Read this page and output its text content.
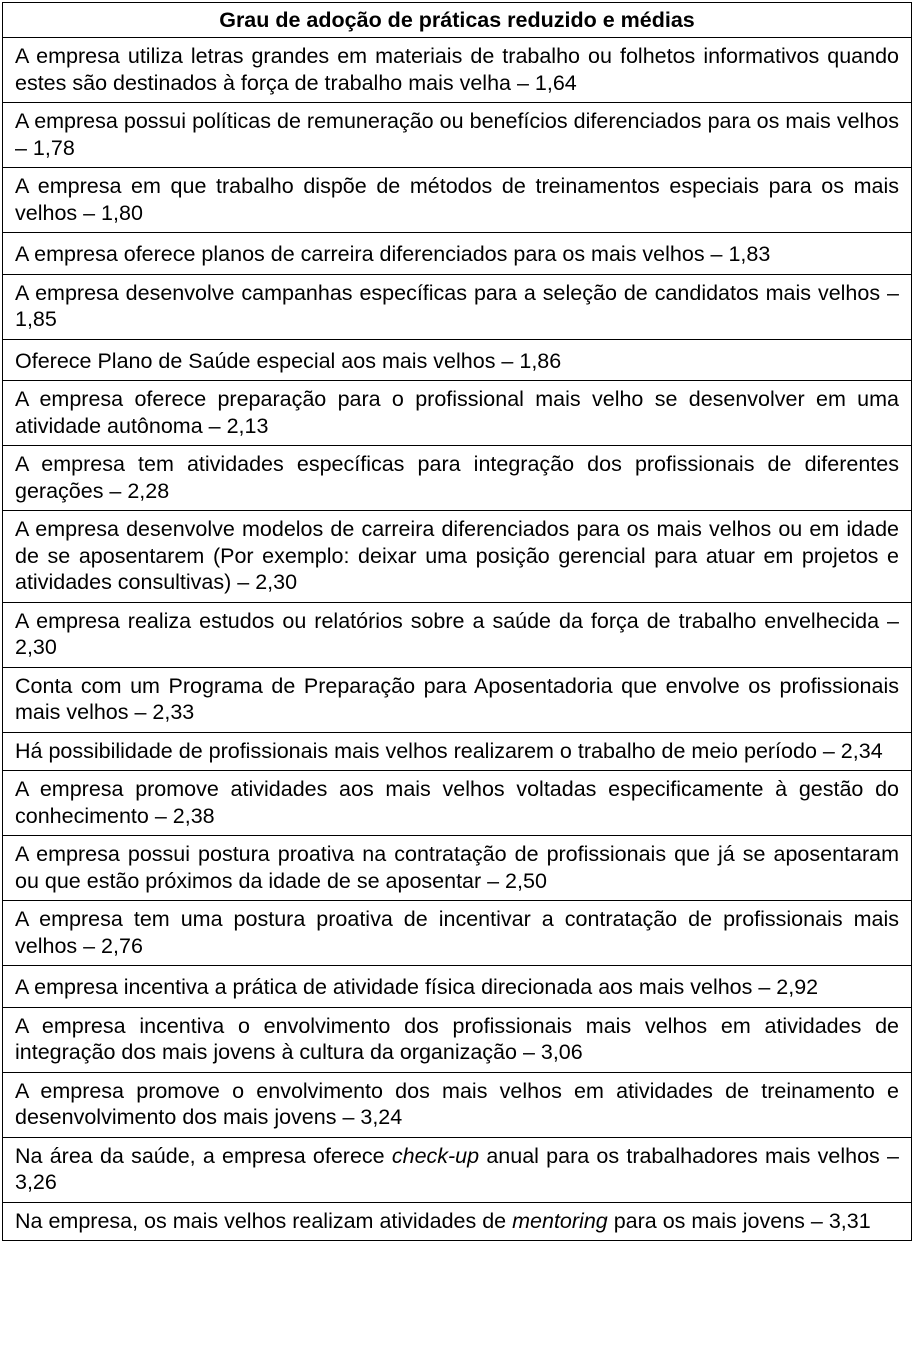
Grau de adoção de práticas reduzido e médias
A empresa utiliza letras grandes em materiais de trabalho ou folhetos informativos quando estes são destinados à força de trabalho mais velha – 1,64
A empresa possui políticas de remuneração ou benefícios diferenciados para os mais velhos – 1,78
A empresa em que trabalho dispõe de métodos de treinamentos especiais para os mais velhos – 1,80
A empresa oferece planos de carreira diferenciados para os mais velhos – 1,83
A empresa desenvolve campanhas específicas para a seleção de candidatos mais velhos – 1,85
Oferece Plano de Saúde especial aos mais velhos – 1,86
A empresa oferece preparação para o profissional mais velho se desenvolver em uma atividade autônoma – 2,13
A empresa tem atividades específicas para integração dos profissionais de diferentes gerações – 2,28
A empresa desenvolve modelos de carreira diferenciados para os mais velhos ou em idade de se aposentarem (Por exemplo: deixar uma posição gerencial para atuar em projetos e atividades consultivas) – 2,30
A empresa realiza estudos ou relatórios sobre a saúde da força de trabalho envelhecida – 2,30
Conta com um Programa de Preparação para Aposentadoria que envolve os profissionais mais velhos – 2,33
Há possibilidade de profissionais mais velhos realizarem o trabalho de meio período – 2,34
A empresa promove atividades aos mais velhos voltadas especificamente à gestão do conhecimento – 2,38
A empresa possui postura proativa na contratação de profissionais que já se aposentaram ou que estão próximos da idade de se aposentar – 2,50
A empresa tem uma postura proativa de incentivar a contratação de profissionais mais velhos – 2,76
A empresa incentiva a prática de atividade física direcionada aos mais velhos – 2,92
A empresa incentiva o envolvimento dos profissionais mais velhos em atividades de integração dos mais jovens à cultura da organização – 3,06
A empresa promove o envolvimento dos mais velhos em atividades de treinamento e desenvolvimento dos mais jovens – 3,24
Na área da saúde, a empresa oferece check-up anual para os trabalhadores mais velhos – 3,26
Na empresa, os mais velhos realizam atividades de mentoring para os mais jovens – 3,31
